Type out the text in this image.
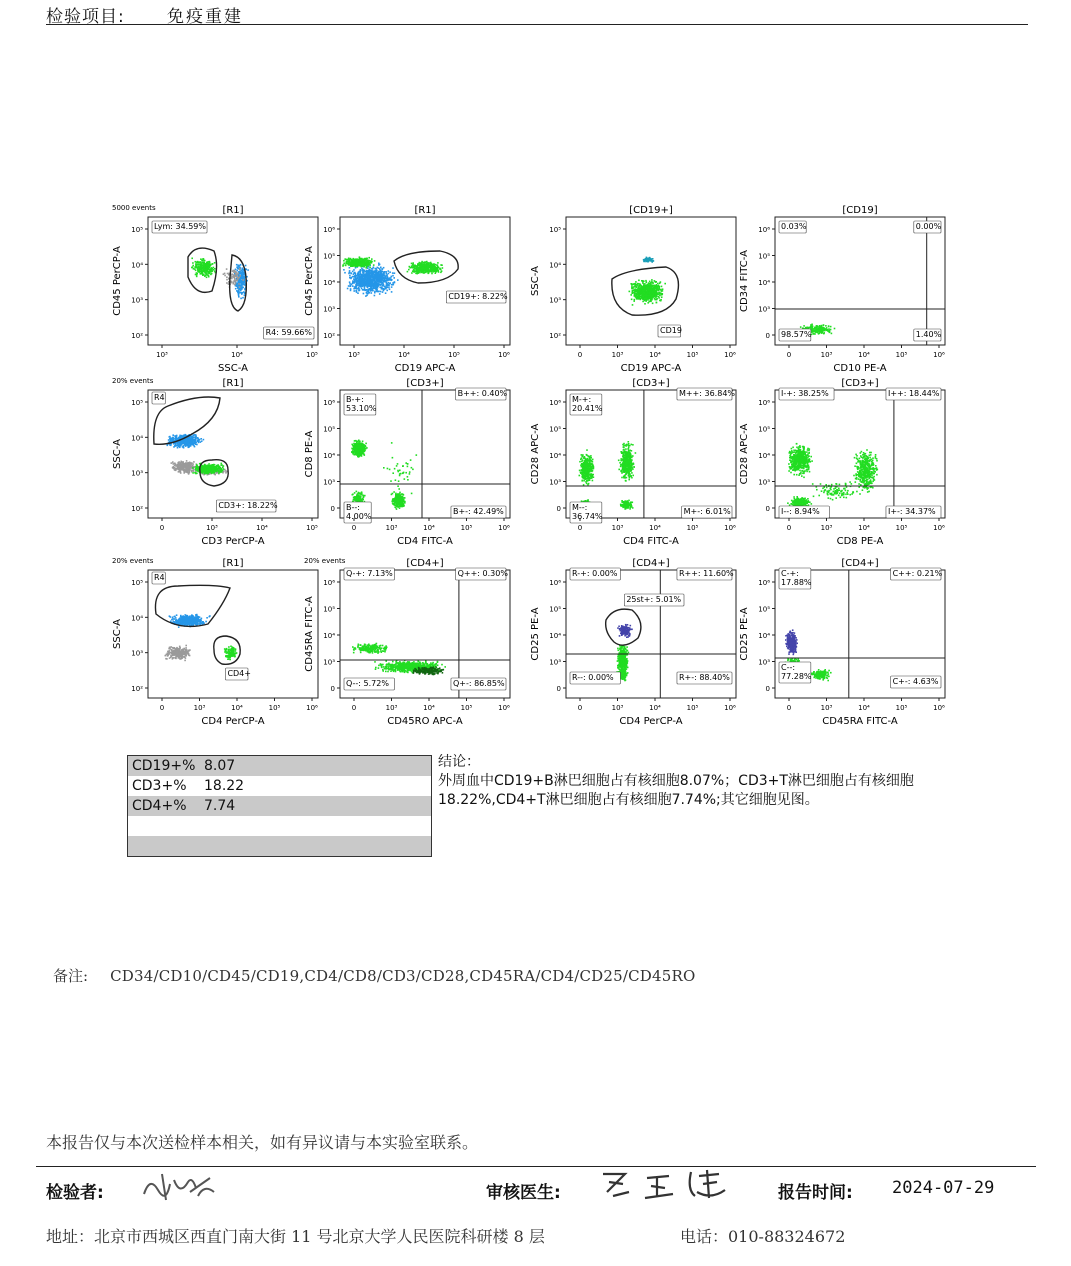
检验项目: 免疫重建
[R1]
5000 events
Lym: 34.59%
R4: 59.66%
10³	10⁴	10⁵
10²
10³
10⁴
10⁵
SSC-A
CD45 PerCP-A
[R1]
CD19+: 8.22%
10³	10⁴	10⁵	10⁶
10²
10³
10⁴
10⁵
10⁶
CD19 APC-A
CD45 PerCP-A
[CD19+]
CD19
0	10³	10⁴	10⁵	10⁶
10²
10³
10⁴
10⁵
CD19 APC-A
SSC-A
[CD19]
0.03%	0.00%
98.57%	1.40%
0	10³	10⁴	10⁵	10⁶
0
10³
10⁴
10⁵
10⁶
CD10 PE-A
CD34 FITC-A
[R1]
20% events
R4
CD3+: 18.22%
0	10³	10⁴	10⁵
10²
10³
10⁴
10⁵
CD3 PerCP-A
SSC-A
[CD3+]
B-+:
53.10%
B++: 0.40%
B--:
4.00%
B+-: 42.49%
0	10³	10⁴	10⁵	10⁶
0
10³
10⁴
10⁵
10⁶
CD4 FITC-A
CD8 PE-A
[CD3+]
M-+:
20.41%
M++: 36.84%
M--:
36.74%
M+-: 6.01%
0	10³	10⁴	10⁵	10⁶
0
10³
10⁴
10⁵
10⁶
CD4 FITC-A
CD28 APC-A
[CD3+]
I-+: 38.25%	I++: 18.44%
I--: 8.94%	I+-: 34.37%
0	10³	10⁴	10⁵	10⁶
0
10³
10⁴
10⁵
10⁶
CD8 PE-A
CD28 APC-A
[R1]
20% events
R4
CD4+
0	10³	10⁴	10⁵	10⁶
10²
10³
10⁴
10⁵
CD4 PerCP-A
SSC-A
[CD4+]
20% events
Q-+: 7.13%	Q++: 0.30%
Q--: 5.72%	Q+-: 86.85%
0	10³	10⁴	10⁵	10⁶
0
10³
10⁴
10⁵
10⁶
CD45RO APC-A
CD45RA FITC-A
[CD4+]
R-+: 0.00%	R++: 11.60%
25st+: 5.01%
R--: 0.00%	R+-: 88.40%
0	10³	10⁴	10⁵	10⁶
0
10³
10⁴
10⁵
10⁶
CD4 PerCP-A
CD25 PE-A
[CD4+]
C-+:
17.88%
C++: 0.21%
C--:
77.28%
C+-: 4.63%
0	10³	10⁴	10⁵	10⁶
0
10³
10⁴
10⁵
10⁶
CD45RA FITC-A
CD25 PE-A
CD19+% 8.07
CD3+% 18.22
CD4+% 7.74
结论：
外周血中CD19+B淋巴细胞占有核细胞8.07%；CD3+T淋巴细胞占有核细胞18.22%,CD4+T淋巴细胞占有核细胞7.74%;其它细胞见图。
备注: CD34/CD10/CD45/CD19,CD4/CD8/CD3/CD28,CD45RA/CD4/CD25/CD45RO
本报告仅与本次送检样本相关，如有异议请与本实验室联系。
检验者:	审核医生:	报告时间: 2024-07-29
地址：北京市西城区西直门南大街 11 号北京大学人民医院科研楼 8 层	电话：010-88324672
